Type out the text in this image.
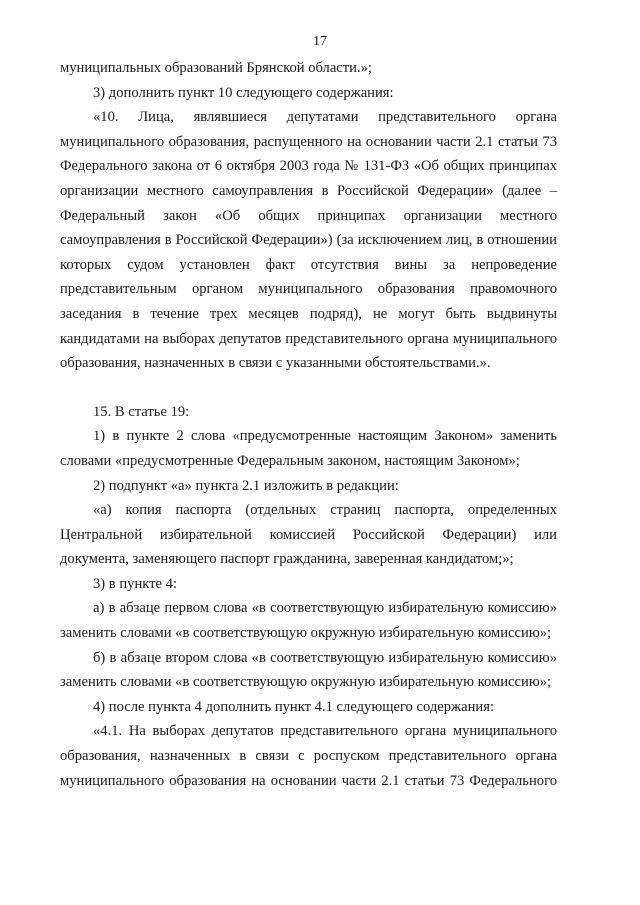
17

муниципальных образований Брянской области.»;

3) дополнить пункт 10 следующего содержания:

«10. Лица, являвшиеся депутатами представительного органа муниципального образования, распущенного на основании части 2.1 статьи 73 Федерального закона от 6 октября 2003 года № 131-ФЗ «Об общих принципах организации местного самоуправления в Российской Федерации» (далее – Федеральный закон «Об общих принципах организации местного самоуправления в Российской Федерации») (за исключением лиц, в отношении которых судом установлен факт отсутствия вины за непроведение представительным органом муниципального образования правомочного заседания в течение трех месяцев подряд), не могут быть выдвинуты кандидатами на выборах депутатов представительного органа муниципального образования, назначенных в связи с указанными обстоятельствами.».

15. В статье 19:

1) в пункте 2 слова «предусмотренные настоящим Законом» заменить словами «предусмотренные Федеральным законом, настоящим Законом»;

2) подпункт «а» пункта 2.1 изложить в редакции:

«а) копия паспорта (отдельных страниц паспорта, определенных Центральной избирательной комиссией Российской Федерации) или документа, заменяющего паспорт гражданина, заверенная кандидатом;»;

3) в пункте 4:

а) в абзаце первом слова «в соответствующую избирательную комиссию» заменить словами «в соответствующую окружную избирательную комиссию»;

б) в абзаце втором слова «в соответствующую избирательную комиссию» заменить словами «в соответствующую окружную избирательную комиссию»;

4) после пункта 4 дополнить пункт 4.1 следующего содержания:

«4.1. На выборах депутатов представительного органа муниципального образования, назначенных в связи с роспуском представительного органа муниципального образования на основании части 2.1 статьи 73 Федерального
